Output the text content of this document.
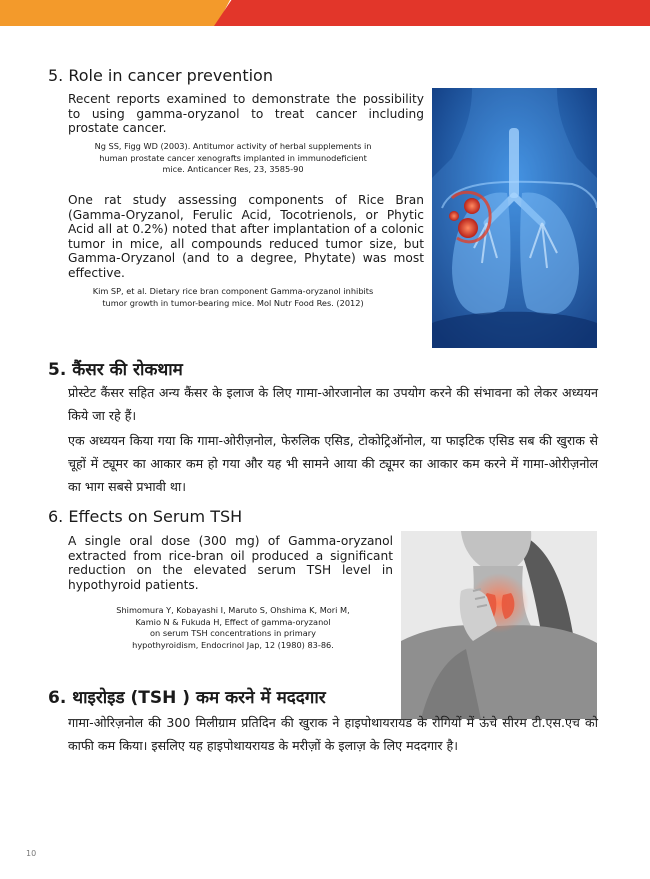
5. Role in cancer prevention

Recent reports examined to demonstrate the possibility to using gamma-oryzanol to treat cancer including prostate cancer.

Ng SS, Figg WD (2003). Antitumor activity of herbal supplements in
human prostate cancer xenografts implanted in immunodeficient
mice. Anticancer Res, 23, 3585-90

One rat study assessing components of Rice Bran (Gamma-Oryzanol, Ferulic Acid, Tocotrienols, or Phytic Acid all at 0.2%) noted that after implantation of a colonic tumor in mice, all compounds reduced tumor size, but Gamma-Oryzanol (and to a degree, Phytate) was most effective.

Kim SP, et al. Dietary rice bran component Gamma-oryzanol inhibits
tumor growth in tumor-bearing mice. Mol Nutr Food Res. (2012)

5. कैंसर की रोकथाम

प्रोस्टेट कैंसर सहित अन्य कैंसर के इलाज के लिए गामा-ओरजानोल का उपयोग करने की संभावना को लेकर अध्ययन किये जा रहे हैं।

एक अध्ययन किया गया कि गामा-ओरीज़नोल, फेरुलिक एसिड, टोकोट्रिऑनोल, या फाइटिक एसिड सब की खुराक से चूहों में ट्यूमर का आकार कम हो गया और यह भी सामने आया की ट्यूमर का आकार कम करने में गामा-ओरीज़नोल का भाग सबसे प्रभावी था।

6. Effects on Serum TSH

A single oral dose (300 mg) of Gamma-oryzanol extracted from rice-bran oil produced a significant reduction on the elevated serum TSH level in hypothyroid patients.

Shimomura Y, Kobayashi I, Maruto S, Ohshima K, Mori M,
Kamio N & Fukuda H, Effect of gamma-oryzanol
on serum TSH concentrations in primary
hypothyroidism, Endocrinol Jap, 12 (1980) 83-86.

6. थाइरोइड (TSH ) कम करने में मददगार

गामा-ओरिज़नोल की 300 मिलीग्राम प्रतिदिन की खुराक ने हाइपोथायरायड के रोगियों में ऊंचे सीरम टी.एस.एच को काफी कम किया। इसलिए यह हाइपोथायरायड के मरीज़ों के इलाज़ के लिए मददगार है।

10
